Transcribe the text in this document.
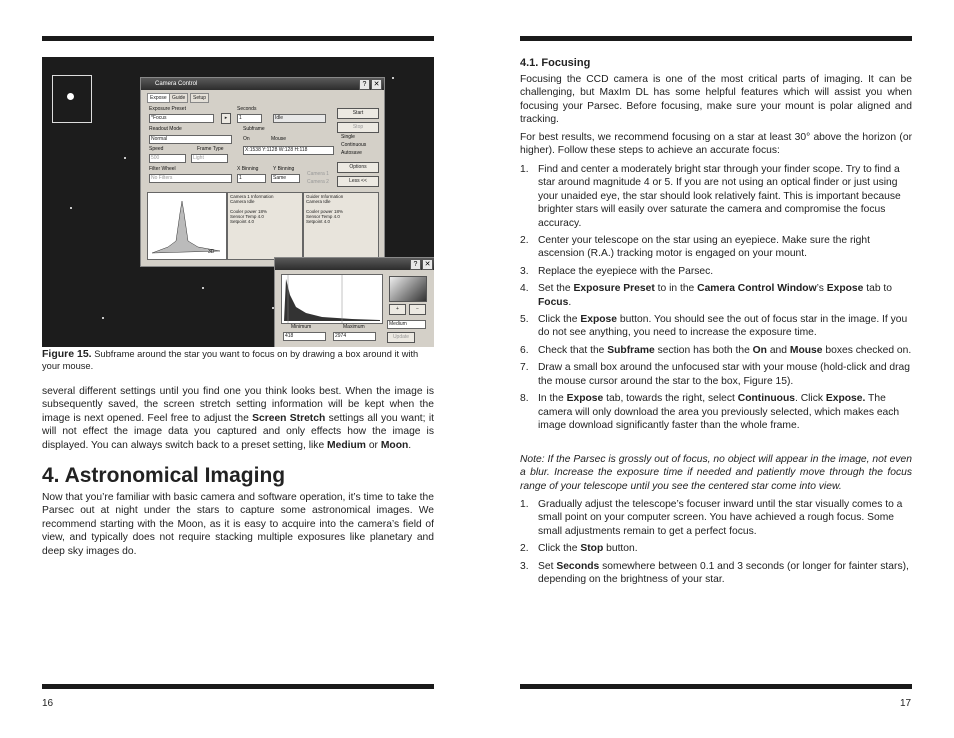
Camera Control	?	✕
Expose	Guide	Setup
Exposure Preset
*Focus	▸
Seconds
1	Idle
Start
Stop
Readout Mode
Normal
Subframe
On	Mouse
X:1538 Y:1128 W:128 H:118
Single
Continuous
Autosave
Speed
500
Frame Type
Light
Options
Filter Wheel
No Filters
X Binning
1
Y Binning
Same
Camera 1
Camera 2	Less <<
3D
Camera 1 Information
Camera Idle
Cooler power 18%
Sensor Temp 4.0
Setpoint 4.0
Guider Information
Camera Idle
Cooler power 18%
Sensor Temp 4.0
Setpoint 4.0
?	✕
Minimum	Maximum
418	2974
+	−
Medium
Update
Figure 15. Subframe around the star you want to focus on by drawing a box around it with your mouse.
several different settings until you find one you think looks best. When the image is subsequently saved, the screen stretch setting information will be kept when the image is next opened. Feel free to adjust the Screen Stretch settings all you want; it will not effect the image data you captured and only effects how the image is displayed. You can always switch back to a preset setting, like Medium or Moon.
4. Astronomical Imaging
Now that you’re familiar with basic camera and software operation, it’s time to take the Parsec out at night under the stars to capture some astronomical images. We recommend starting with the Moon, as it is easy to acquire into the camera’s field of view, and typically does not require stacking multiple exposures like planetary and deep sky images do.
16
4.1. Focusing
Focusing the CCD camera is one of the most critical parts of imaging. It can be challenging, but MaxIm DL has some helpful features which will assist you when focusing your Parsec. Before focusing, make sure your mount is polar aligned and tracking.
For best results, we recommend focusing on a star at least 30° above the horizon (or higher). Follow these steps to achieve an accurate focus:
1. Find and center a moderately bright star through your finder scope. Try to find a star around magnitude 4 or 5. If you are not using an optical finder or just using your unaided eye, the star should look relatively faint. This is important because brighter stars will easily over saturate the camera and compromise the focus accuracy.
2. Center your telescope on the star using an eyepiece. Make sure the right ascension (R.A.) tracking motor is engaged on your mount.
3. Replace the eyepiece with the Parsec.
4. Set the Exposure Preset to in the Camera Control Window’s Expose tab to Focus.
5. Click the Expose button. You should see the out of focus star in the image. If you do not see anything, you need to increase the exposure time.
6. Check that the Subframe section has both the On and Mouse boxes checked on.
7. Draw a small box around the unfocused star with your mouse (hold-click and drag the mouse cursor around the star to the box, Figure 15).
8. In the Expose tab, towards the right, select Continuous. Click Expose. The camera will only download the area you previously selected, which makes each image download significantly faster than the whole frame.
Note: If the Parsec is grossly out of focus, no object will appear in the image, not even a blur. Increase the exposure time if needed and patiently move through the focus range of your telescope until you see the centered star come into view.
1. Gradually adjust the telescope’s focuser inward until the star visually comes to a small point on your computer screen. You have achieved a rough focus. Some small adjustments remain to get a perfect focus.
2. Click the Stop button.
3. Set Seconds somewhere between 0.1 and 3 seconds (or longer for fainter stars), depending on the brightness of your star.
17
